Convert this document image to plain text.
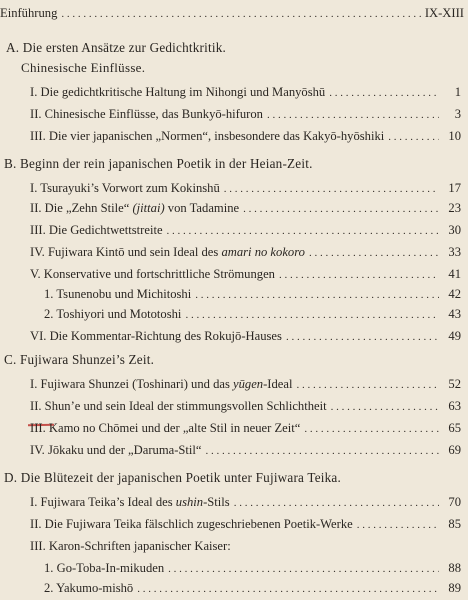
Einführung . . .	IX-XIII
A. Die ersten Ansätze zur Gedichtkritik.
Chinesische Einflüsse.
I. Die gedichtkritische Haltung im Nihongi und Manyōshū . . .	1
II. Chinesische Einflüsse, das Bunkyō-hifuron . . .	3
III. Die vier japanischen „Normen“, insbesondere das Kakyō-hyōshiki . . .	10
B. Beginn der rein japanischen Poetik in der Heian-Zeit.
I. Tsurayuki’s Vorwort zum Kokinshū . . .	17
II. Die „Zehn Stile“ (jittai) von Tadamine . . .	23
III. Die Gedichtwettstreite . . .	30
IV. Fujiwara Kintō und sein Ideal des amari no kokoro . . .	33
V. Konservative und fortschrittliche Strömungen . . .	41
1. Tsunenobu und Michitoshi . . .	42
2. Toshiyori und Mototoshi . . .	43
VI. Die Kommentar-Richtung des Rokujō-Hauses . . .	49
C. Fujiwara Shunzei’s Zeit.
I. Fujiwara Shunzei (Toshinari) und das yūgen-Ideal . . .	52
II. Shun’e und sein Ideal der stimmungsvollen Schlichtheit . . .	63
III. Kamo no Chōmei und der „alte Stil in neuer Zeit“ . . .	65
IV. Jōkaku und der „Daruma-Stil“ . . .	69
D. Die Blütezeit der japanischen Poetik unter Fujiwara Teika.
I. Fujiwara Teika’s Ideal des ushin-Stils . . .	70
II. Die Fujiwara Teika fälschlich zugeschriebenen Poetik-Werke . . .	85
III. Karon-Schriften japanischer Kaiser:
1. Go-Toba-In-mikuden . . .	88
2. Yakumo-mishō . . .	89
